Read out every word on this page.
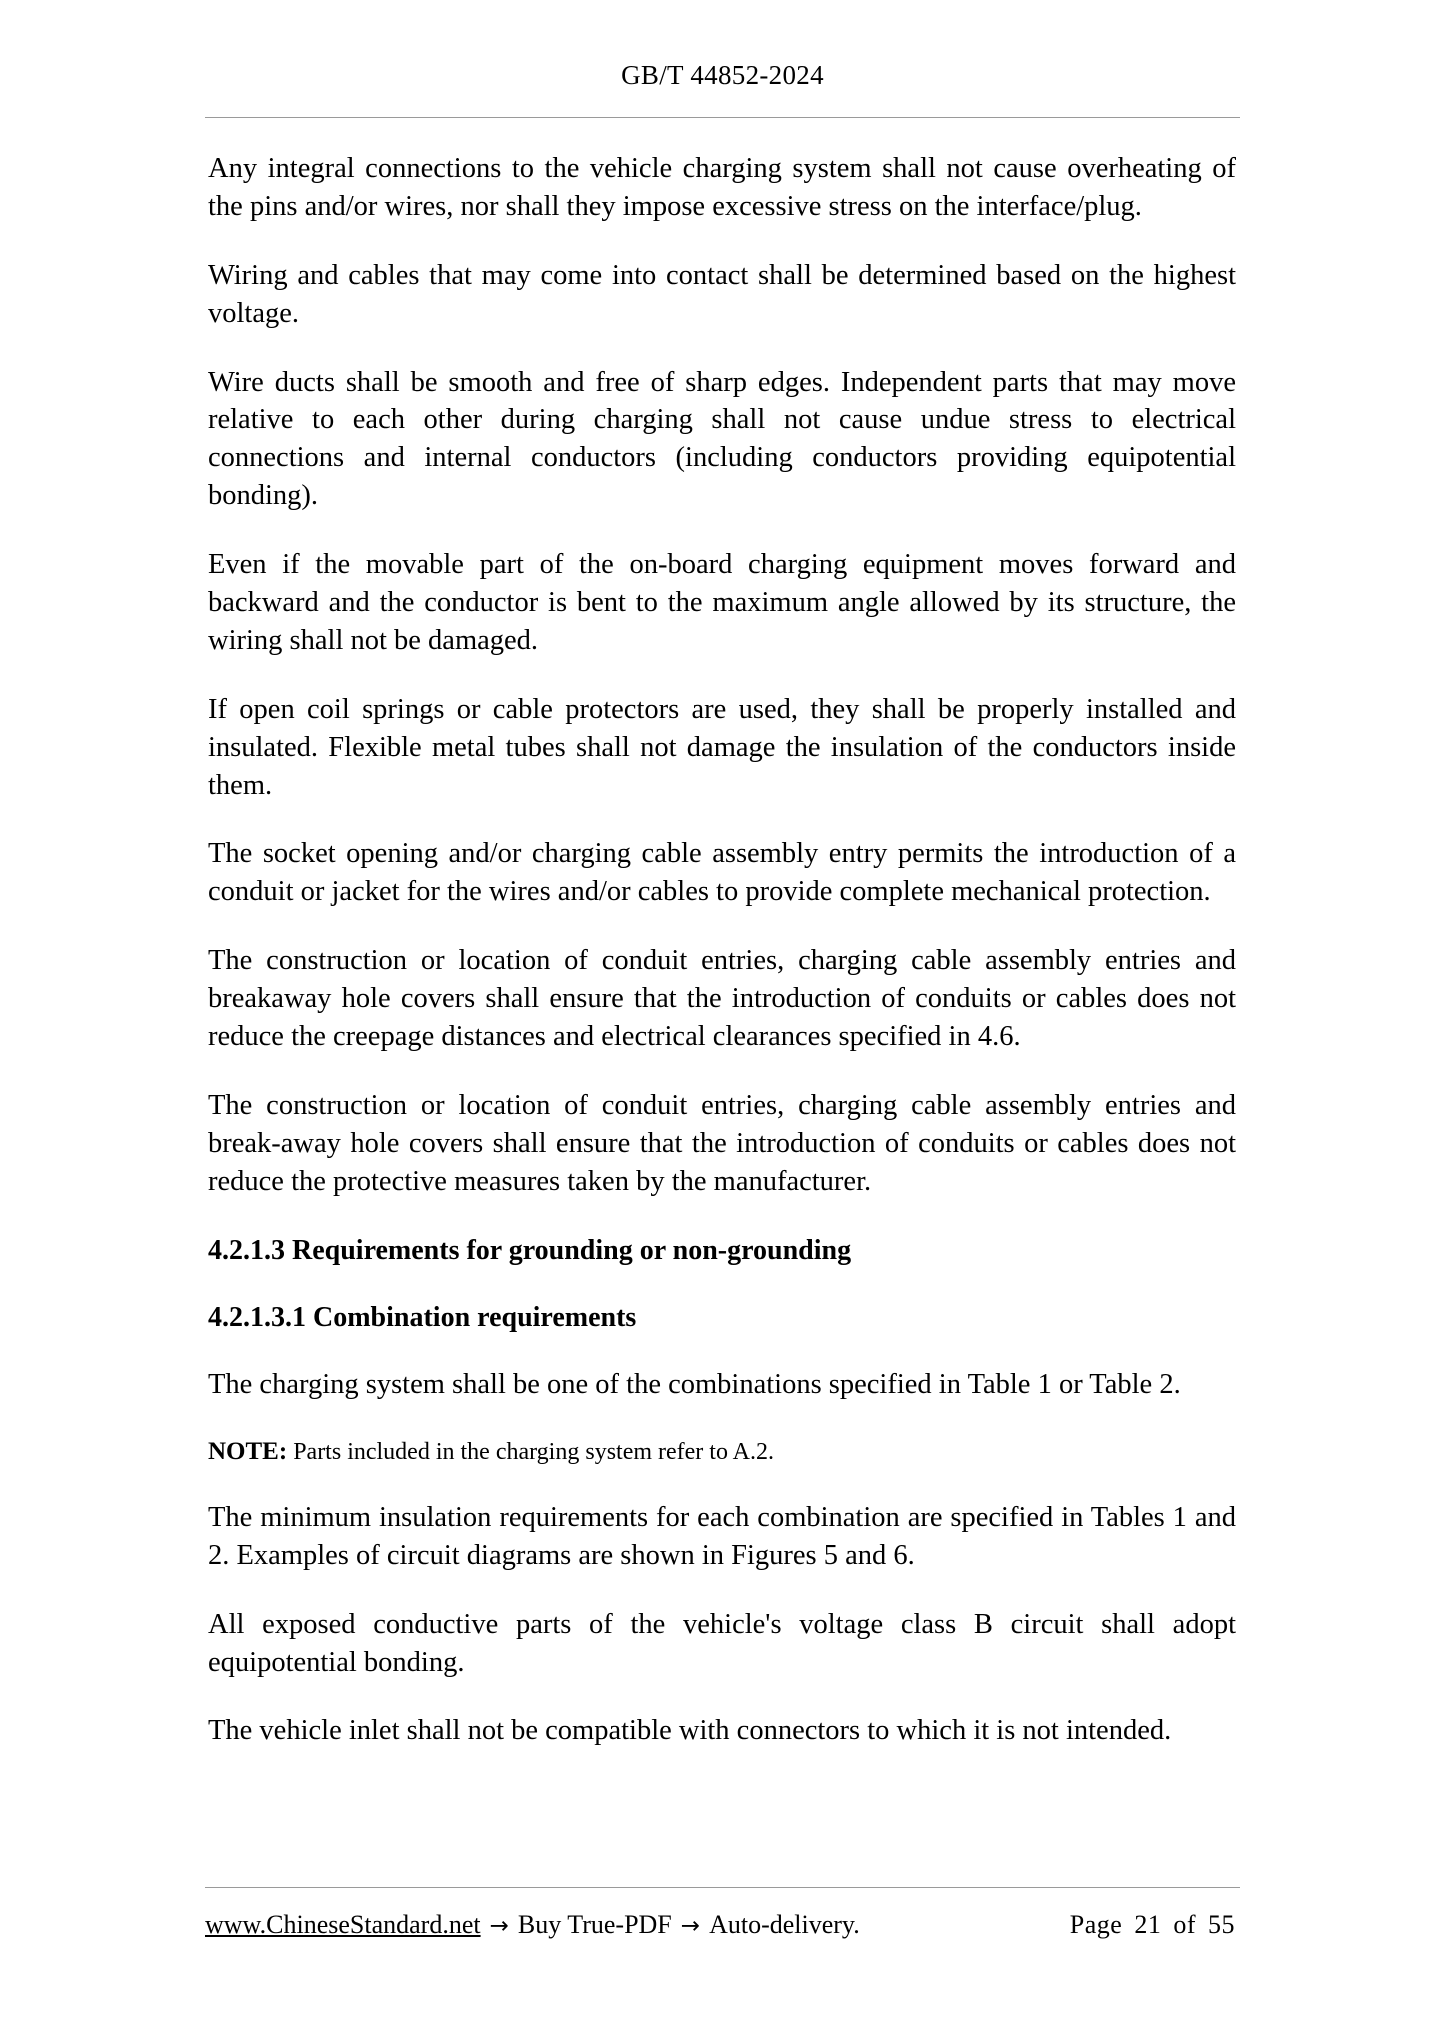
GB/T 44852-2024

Any integral connections to the vehicle charging system shall not cause overheating of the pins and/or wires, nor shall they impose excessive stress on the interface/plug.

Wiring and cables that may come into contact shall be determined based on the highest voltage.

Wire ducts shall be smooth and free of sharp edges. Independent parts that may move relative to each other during charging shall not cause undue stress to electrical connections and internal conductors (including conductors providing equipotential bonding).

Even if the movable part of the on-board charging equipment moves forward and backward and the conductor is bent to the maximum angle allowed by its structure, the wiring shall not be damaged.

If open coil springs or cable protectors are used, they shall be properly installed and insulated. Flexible metal tubes shall not damage the insulation of the conductors inside them.

The socket opening and/or charging cable assembly entry permits the introduction of a conduit or jacket for the wires and/or cables to provide complete mechanical protection.

The construction or location of conduit entries, charging cable assembly entries and breakaway hole covers shall ensure that the introduction of conduits or cables does not reduce the creepage distances and electrical clearances specified in 4.6.

The construction or location of conduit entries, charging cable assembly entries and break-away hole covers shall ensure that the introduction of conduits or cables does not reduce the protective measures taken by the manufacturer.

4.2.1.3 Requirements for grounding or non-grounding
4.2.1.3.1 Combination requirements

The charging system shall be one of the combinations specified in Table 1 or Table 2.

NOTE: Parts included in the charging system refer to A.2.

The minimum insulation requirements for each combination are specified in Tables 1 and 2. Examples of circuit diagrams are shown in Figures 5 and 6.

All exposed conductive parts of the vehicle's voltage class B circuit shall adopt equipotential bonding.

The vehicle inlet shall not be compatible with connectors to which it is not intended.

www.ChineseStandard.net → Buy True-PDF → Auto-delivery.	Page 21 of 55
